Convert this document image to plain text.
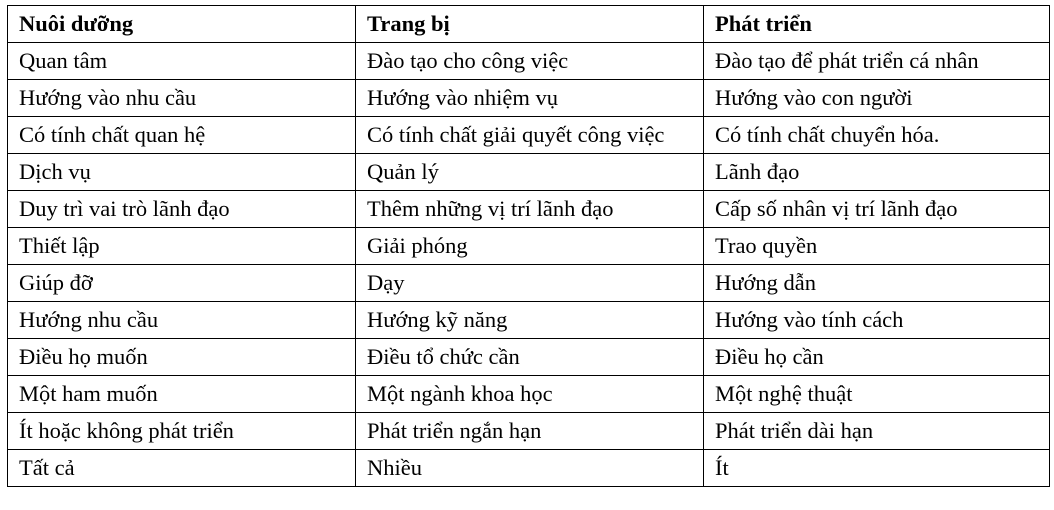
Nuôi dưỡng	Trang bị	Phát triển
Quan tâm	Đào tạo cho công việc	Đào tạo để phát triển cá nhân
Hướng vào nhu cầu	Hướng vào nhiệm vụ	Hướng vào con người
Có tính chất quan hệ	Có tính chất giải quyết công việc	Có tính chất chuyển hóa.
Dịch vụ	Quản lý	Lãnh đạo
Duy trì vai trò lãnh đạo	Thêm những vị trí lãnh đạo	Cấp số nhân vị trí lãnh đạo
Thiết lập	Giải phóng	Trao quyền
Giúp đỡ	Dạy	Hướng dẫn
Hướng nhu cầu	Hướng kỹ năng	Hướng vào tính cách
Điều họ muốn	Điều tổ chức cần	Điều họ cần
Một ham muốn	Một ngành khoa học	Một nghệ thuật
Ít hoặc không phát triển	Phát triển ngắn hạn	Phát triển dài hạn
Tất cả	Nhiều	Ít
